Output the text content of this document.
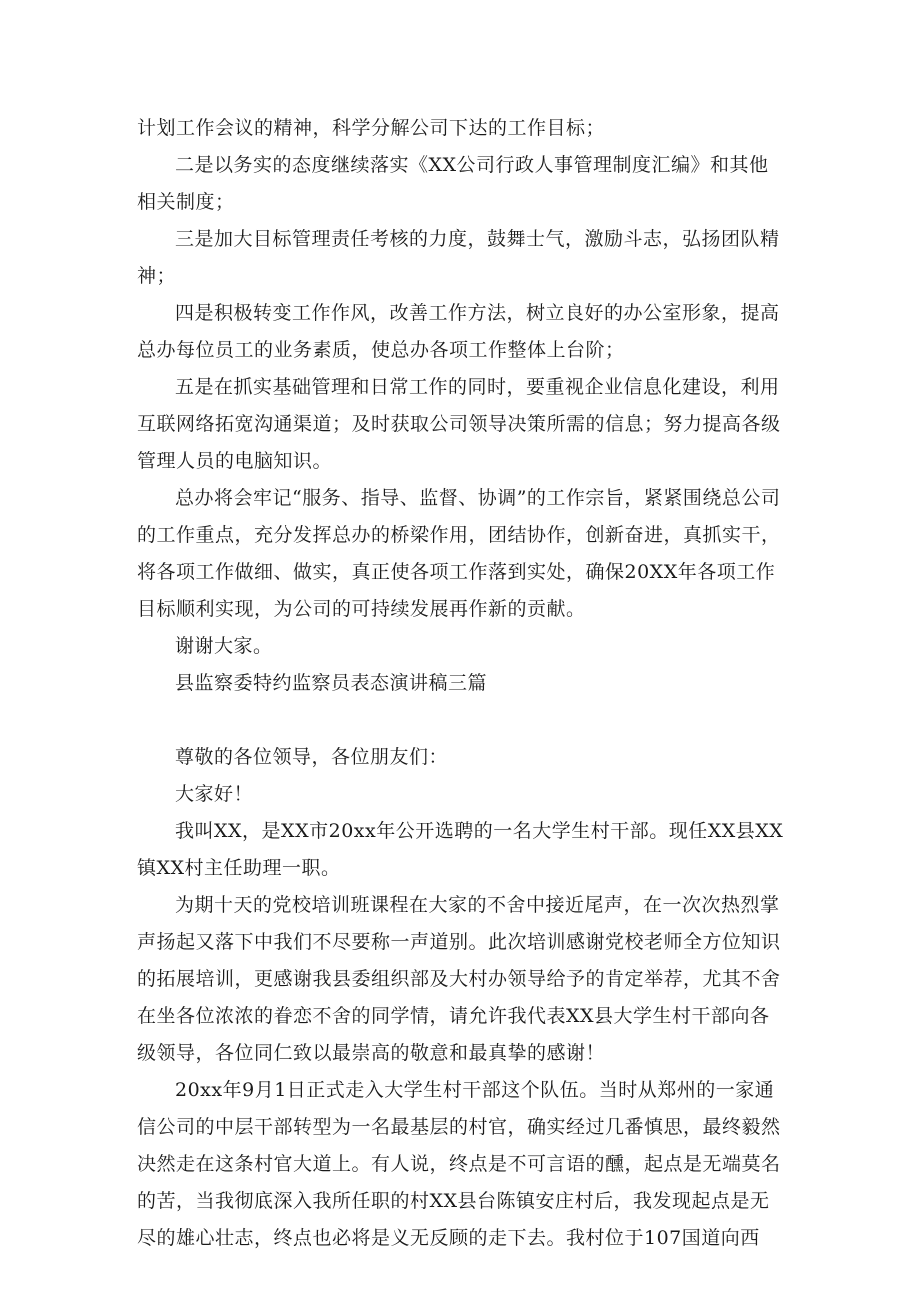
计划工作会议的精神，科学分解公司下达的工作目标；

二是以务实的态度继续落实《XX公司行政人事管理制度汇编》和其他相关制度；

三是加大目标管理责任考核的力度，鼓舞士气，激励斗志，弘扬团队精神；

四是积极转变工作作风，改善工作方法，树立良好的办公室形象，提高总办每位员工的业务素质，使总办各项工作整体上台阶；

五是在抓实基础管理和日常工作的同时，要重视企业信息化建设，利用互联网络拓宽沟通渠道；及时获取公司领导决策所需的信息；努力提高各级管理人员的电脑知识。

总办将会牢记“服务、指导、监督、协调”的工作宗旨，紧紧围绕总公司的工作重点，充分发挥总办的桥梁作用，团结协作，创新奋进，真抓实干，将各项工作做细、做实，真正使各项工作落到实处，确保20XX年各项工作目标顺利实现，为公司的可持续发展再作新的贡献。

谢谢大家。

县监察委特约监察员表态演讲稿三篇

尊敬的各位领导，各位朋友们：

大家好！

我叫XX，是XX市20xx年公开选聘的一名大学生村干部。现任XX县XX镇XX村主任助理一职。

为期十天的党校培训班课程在大家的不舍中接近尾声，在一次次热烈掌声扬起又落下中我们不尽要称一声道别。此次培训感谢党校老师全方位知识的拓展培训，更感谢我县委组织部及大村办领导给予的肯定举荐，尤其不舍在坐各位浓浓的眷恋不舍的同学情，请允许我代表XX县大学生村干部向各级领导，各位同仁致以最崇高的敬意和最真挚的感谢！

20xx年9月1日正式走入大学生村干部这个队伍。当时从郑州的一家通信公司的中层干部转型为一名最基层的村官，确实经过几番慎思，最终毅然决然走在这条村官大道上。有人说，终点是不可言语的醺，起点是无端莫名的苦，当我彻底深入我所任职的村XX县台陈镇安庄村后，我发现起点是无尽的雄心壮志，终点也必将是义无反顾的走下去。我村位于107国道向西
